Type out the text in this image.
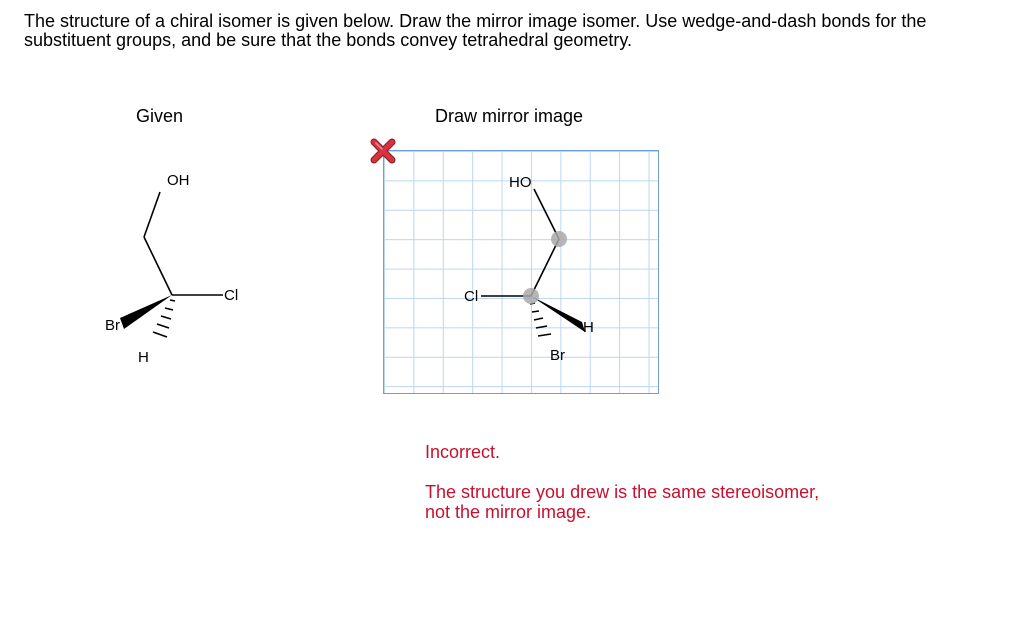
The structure of a chiral isomer is given below. Draw the mirror image isomer. Use wedge-and-dash bonds for the substituent groups, and be sure that the bonds convey tetrahedral geometry.

Given	Draw mirror image
OH
Cl
Br
H
HO
Cl
H
Br
Incorrect.
The structure you drew is the same stereoisomer, not the mirror image.
